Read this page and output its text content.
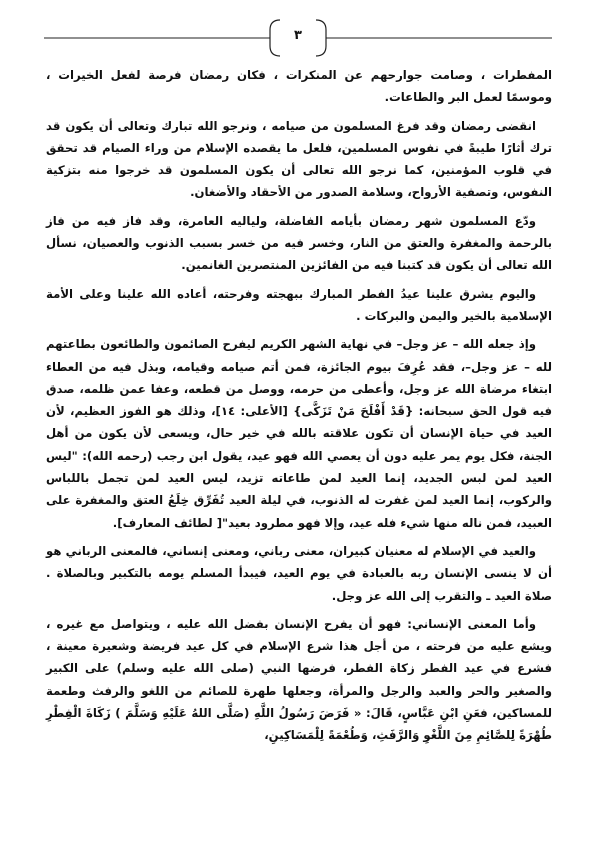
٣

المفطرات ، وصامت جوارحهم عن المنكرات ، فكان رمضان فرصة لفعل الخيرات ، وموسمًا لعمل البر والطاعات.

انقضى رمضان وقد فرغ المسلمون من صيامه ، ونرجو الله تبارك وتعالى أن يكون قد ترك أثارًا طيبةً في نفوس المسلمين، فلعل ما يقصده الإسلام من وراء الصيام قد تحقق في قلوب المؤمنين، كما نرجو الله تعالى أن يكون المسلمون قد خرجوا منه بتزكية النفوس، وتصفية الأرواح، وسلامة الصدور من الأحقاد والأضغان.

ودّع المسلمون شهر رمضان بأيامه الفاضلة، ولياليه العامرة، وقد فاز فيه من فاز بالرحمة والمغفرة والعتق من النار، وخسر فيه من خسر بسبب الذنوب والعصيان، نسأل الله تعالى أن يكون قد كتبنا فيه من الفائزين المنتصرين الغانمين.

واليوم يشرق علينا عيدُ الفطر المبارك ببهجته وفرحته، أعاده الله علينا وعلى الأمة الإسلامية بالخير واليمن والبركات .

وإذ جعله الله – عز وجل– في نهاية الشهر الكريم ليفرح الصائمون والطائعون بطاعتهم لله – عز وجل–، فقد عُرِفَ بيوم الجائزة، فمن أتم صيامه وقيامه، وبذل فيه من العطاء ابتغاء مرضاة الله عز وجل، وأعطى من حرمه، ووصل من قطعه، وعفا عمن ظلمه، صدق فيه قول الحق سبحانه: {قَدْ أَفْلَحَ مَنْ تَزَكَّى} [الأعلى: ١٤]، وذلك هو الفوز العظيم، لأن العيد في حياة الإنسان أن تكون علاقته بالله في خير حال، ويسعى لأن يكون من أهل الجنة، فكل يوم يمر عليه دون أن يعصي الله فهو عيد، يقول ابن رجب (رحمه الله): "ليس العيد لمن لبس الجديد، إنما العيد لمن طاعاته تزيد، ليس العيد لمن تجمل باللباس والركوب، إنما العيد لمن غفرت له الذنوب، في ليلة العيد تُفَرِّق خِلَعُ العتق والمغفرة على العبيد، فمن ناله منها شيء فله عيد، وإلا فهو مطرود بعيد"[ لطائف المعارف].

والعيد في الإسلام له معنيان كبيران، معنى رباني، ومعنى إنساني، فالمعنى الرباني هو أن لا ينسى الإنسان ربه بالعبادة في يوم العيد، فيبدأ المسلم يومه بالتكبير وبالصلاة . صلاة العيد ـ والتقرب إلى الله عز وجل.

وأما المعنى الإنساني: فهو أن يفرح الإنسان بفضل الله عليه ، ويتواصل مع غيره ، ويشع عليه من فرحته ، من أجل هذا شرع الإسلام في كل عيد فريضة وشعيرة معينة ، فشرع في عيد الفطر زكاة الفطر، فرضها النبي (صلى الله عليه وسلم) على الكبير والصغير والحر والعبد والرجل والمرأة، وجعلها طهرة للصائم من اللغو والرفث وطعمة للمساكين، فعَنِ ابْنِ عَبَّاسٍ، قَالَ: « فَرَضَ رَسُولُ اللَّهِ (صَلَّى اللهُ عَلَيْهِ وَسَلَّمَ ) زَكَاةَ الْفِطْرِ طُهْرَةً لِلصَّائِمِ مِنَ اللَّغْوِ وَالرَّفَثِ، وَطُعْمَةً لِلْمَسَاكِينِ،
